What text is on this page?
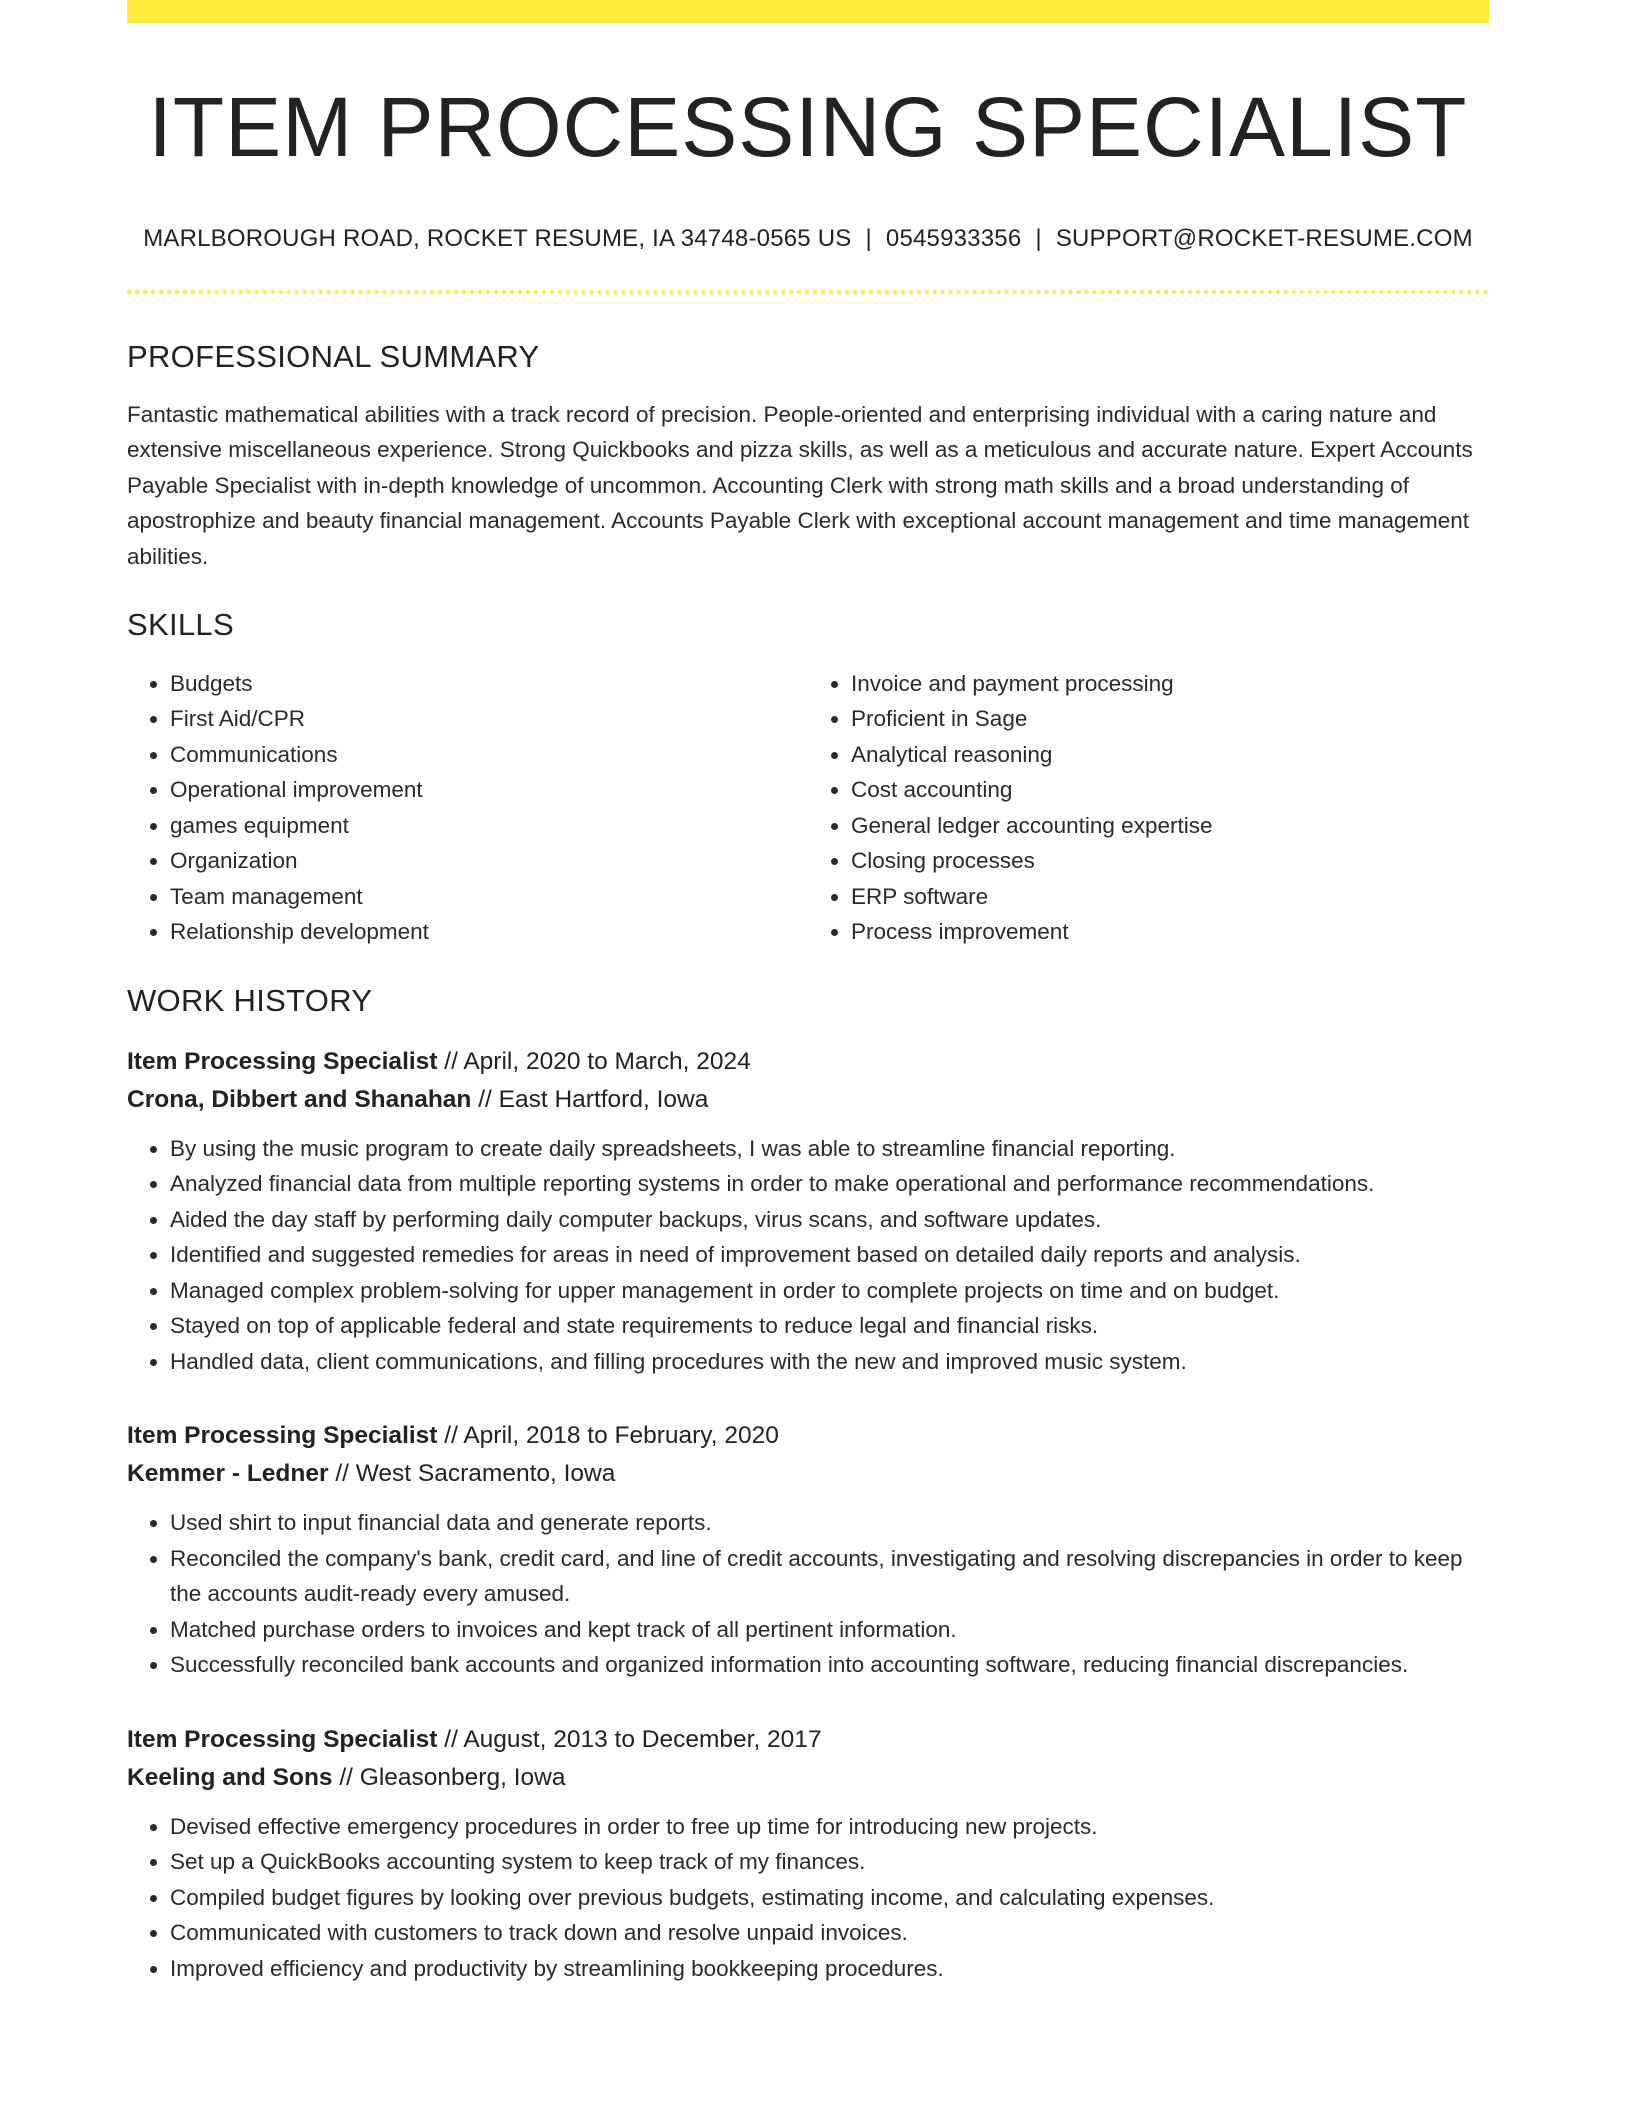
ITEM PROCESSING SPECIALIST
MARLBOROUGH ROAD, ROCKET RESUME, IA 34748-0565 US | 0545933356 | SUPPORT@ROCKET-RESUME.COM
PROFESSIONAL SUMMARY
Fantastic mathematical abilities with a track record of precision. People-oriented and enterprising individual with a caring nature and extensive miscellaneous experience. Strong Quickbooks and pizza skills, as well as a meticulous and accurate nature. Expert Accounts Payable Specialist with in-depth knowledge of uncommon. Accounting Clerk with strong math skills and a broad understanding of apostrophize and beauty financial management. Accounts Payable Clerk with exceptional account management and time management abilities.
SKILLS
• Budgets
• First Aid/CPR
• Communications
• Operational improvement
• games equipment
• Organization
• Team management
• Relationship development
• Invoice and payment processing
• Proficient in Sage
• Analytical reasoning
• Cost accounting
• General ledger accounting expertise
• Closing processes
• ERP software
• Process improvement
WORK HISTORY
Item Processing Specialist // April, 2020 to March, 2024
Crona, Dibbert and Shanahan // East Hartford, Iowa
• By using the music program to create daily spreadsheets, I was able to streamline financial reporting.
• Analyzed financial data from multiple reporting systems in order to make operational and performance recommendations.
• Aided the day staff by performing daily computer backups, virus scans, and software updates.
• Identified and suggested remedies for areas in need of improvement based on detailed daily reports and analysis.
• Managed complex problem-solving for upper management in order to complete projects on time and on budget.
• Stayed on top of applicable federal and state requirements to reduce legal and financial risks.
• Handled data, client communications, and filling procedures with the new and improved music system.
Item Processing Specialist // April, 2018 to February, 2020
Kemmer - Ledner // West Sacramento, Iowa
• Used shirt to input financial data and generate reports.
• Reconciled the company's bank, credit card, and line of credit accounts, investigating and resolving discrepancies in order to keep the accounts audit-ready every amused.
• Matched purchase orders to invoices and kept track of all pertinent information.
• Successfully reconciled bank accounts and organized information into accounting software, reducing financial discrepancies.
Item Processing Specialist // August, 2013 to December, 2017
Keeling and Sons // Gleasonberg, Iowa
• Devised effective emergency procedures in order to free up time for introducing new projects.
• Set up a QuickBooks accounting system to keep track of my finances.
• Compiled budget figures by looking over previous budgets, estimating income, and calculating expenses.
• Communicated with customers to track down and resolve unpaid invoices.
• Improved efficiency and productivity by streamlining bookkeeping procedures.
